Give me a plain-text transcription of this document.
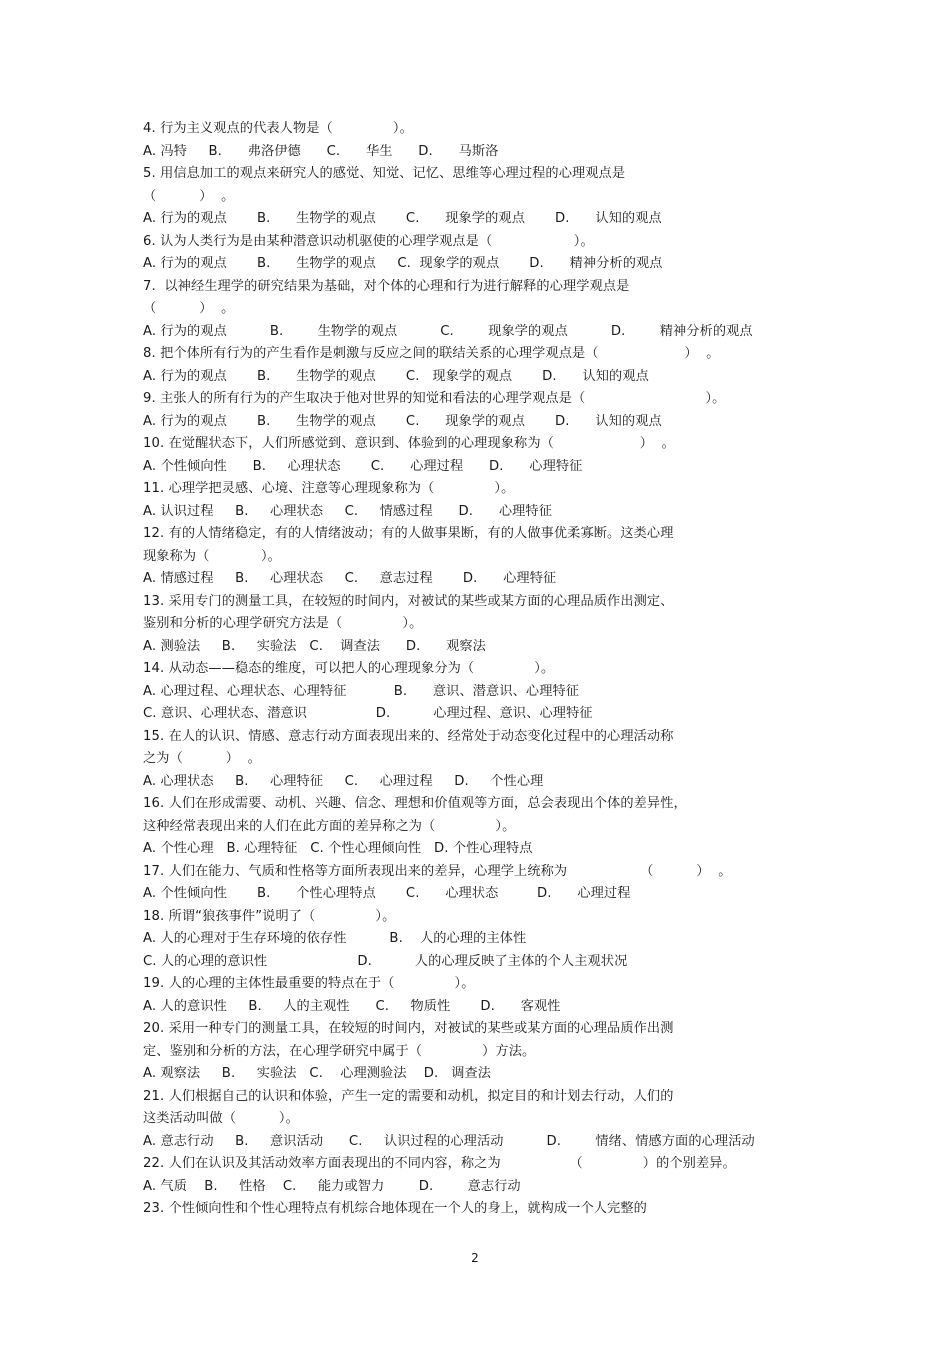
4. 行为主义观点的代表人物是（              ）。
A. 冯特     B.      弗洛伊德      C.      华生      D.      马斯洛
5. 用信息加工的观点来研究人的感觉、知觉、记忆、思维等心理过程的心理观点是
（          ）  。
A. 行为的观点       B.      生物学的观点       C.      现象学的观点       D.      认知的观点
6. 认为人类行为是由某种潜意识动机驱使的心理学观点是（                   ）。
A. 行为的观点       B.      生物学的观点     C.  现象学的观点       D.      精神分析的观点
7.  以神经生理学的研究结果为基础，对个体的心理和行为进行解释的心理学观点是
（          ）  。
A. 行为的观点          B.        生物学的观点          C.        现象学的观点          D.        精神分析的观点
8. 把个体所有行为的产生看作是刺激与反应之间的联结关系的心理学观点是（                    ）  。
A. 行为的观点       B.      生物学的观点       C.   现象学的观点       D.      认知的观点
9. 主张人的所有行为的产生取决于他对世界的知觉和看法的心理学观点是（                            ）。
A. 行为的观点       B.      生物学的观点       C.      现象学的观点       D.      认知的观点
10. 在觉醒状态下，人们所感觉到、意识到、体验到的心理现象称为（                    ）  。
A. 个性倾向性      B.     心理状态       C.      心理过程      D.      心理特征
11. 心理学把灵感、心境、注意等心理现象称为（              ）。
A. 认识过程     B.     心理状态     C.     情感过程      D.      心理特征
12. 有的人情绪稳定，有的人情绪波动；有的人做事果断，有的人做事优柔寡断。这类心理
现象称为（            ）。
A. 情感过程     B.     心理状态     C.     意志过程       D.      心理特征
13. 采用专门的测量工具，在较短的时间内，对被试的某些或某方面的心理品质作出测定、
鉴别和分析的心理学研究方法是（              ）。
A. 测验法     B.     实验法   C.    调查法      D.      观察法
14. 从动态——稳态的维度，可以把人的心理现象分为（              ）。
A. 心理过程、心理状态、心理特征           B.      意识、潜意识、心理特征
C. 意识、心理状态、潜意识                D.          心理过程、意识、心理特征
15. 在人的认识、情感、意志行动方面表现出来的、经常处于动态变化过程中的心理活动称
之为（          ）  。
A. 心理状态     B.     心理特征     C.     心理过程     D.     个性心理
16. 人们在形成需要、动机、兴趣、信念、理想和价值观等方面，总会表现出个体的差异性，
这种经常表现出来的人们在此方面的差异称之为（              ）。
A. 个性心理   B. 心理特征   C. 个性心理倾向性   D. 个性心理特点
17. 人们在能力、气质和性格等方面所表现出来的差异，心理学上统称为                 （          ）  。
A. 个性倾向性       B.      个性心理特点       C.      心理状态         D.      心理过程
18. 所谓“狼孩事件”说明了（              ）。
A. 人的心理对于生存环境的依存性          B.    人的心理的主体性
C. 人的心理的意识性                     D.          人的心理反映了主体的个人主观状况
19. 人的心理的主体性最重要的特点在于（              ）。
A. 人的意识性     B.     人的主观性      C.     物质性       D.      客观性
20. 采用一种专门的测量工具，在较短的时间内，对被试的某些或某方面的心理品质作出测
定、鉴别和分析的方法，在心理学研究中属于（              ）方法。
A. 观察法     B.     实验法   C.    心理测验法    D.   调查法
21. 人们根据自己的认识和体验，产生一定的需要和动机，拟定目的和计划去行动，人们的
这类活动叫做（          ）。
A. 意志行动     B.     意识活动      C.     认识过程的心理活动          D.        情绪、情感方面的心理活动
22. 人们在认识及其活动效率方面表现出的不同内容，称之为                （              ）的个别差异。
A. 气质    B.     性格    C.     能力或智力        D.        意志行动
23. 个性倾向性和个性心理特点有机综合地体现在一个人的身上，就构成一个人完整的
2
